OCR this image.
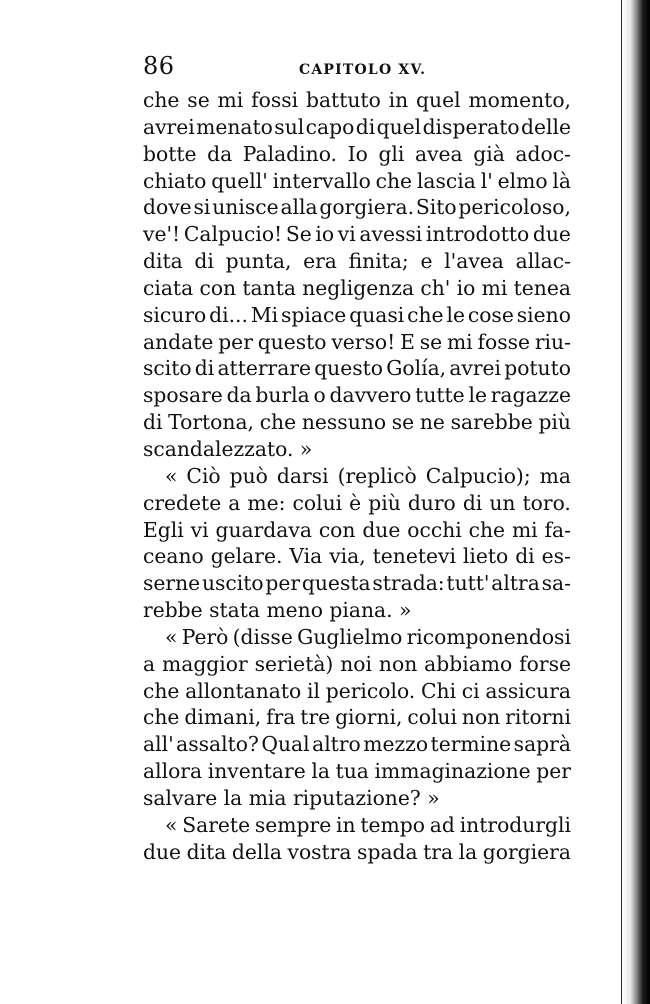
86	CAPITOLO XV.
che se mi fossi battuto in quel momento,
avrei menato sul capo di quel disperato delle
botte da Paladino. Io gli avea già adoc-
chiato quell' intervallo che lascia l' elmo là
dove si unisce alla gorgiera. Sito pericoloso,
ve'! Calpucio! Se io vi avessi introdotto due
dita di punta, era finita; e l'avea allac-
ciata con tanta negligenza ch' io mi tenea
sicuro di... Mi spiace quasi che le cose sieno
andate per questo verso! E se mi fosse riu-
scito di atterrare questo Golía, avrei potuto
sposare da burla o davvero tutte le ragazze
di Tortona, che nessuno se ne sarebbe più
scandalezzato. »
« Ciò può darsi (replicò Calpucio); ma
credete a me: colui è più duro di un toro.
Egli vi guardava con due occhi che mi fa-
ceano gelare. Via via, tenetevi lieto di es-
serne uscito per questa strada: tutt' altra sa-
rebbe stata meno piana. »
« Però (disse Guglielmo ricomponendosi
a maggior serietà) noi non abbiamo forse
che allontanato il pericolo. Chi ci assicura
che dimani, fra tre giorni, colui non ritorni
all' assalto? Qual altro mezzo termine saprà
allora inventare la tua immaginazione per
salvare la mia riputazione? »
« Sarete sempre in tempo ad introdurgli
due dita della vostra spada tra la gorgiera
